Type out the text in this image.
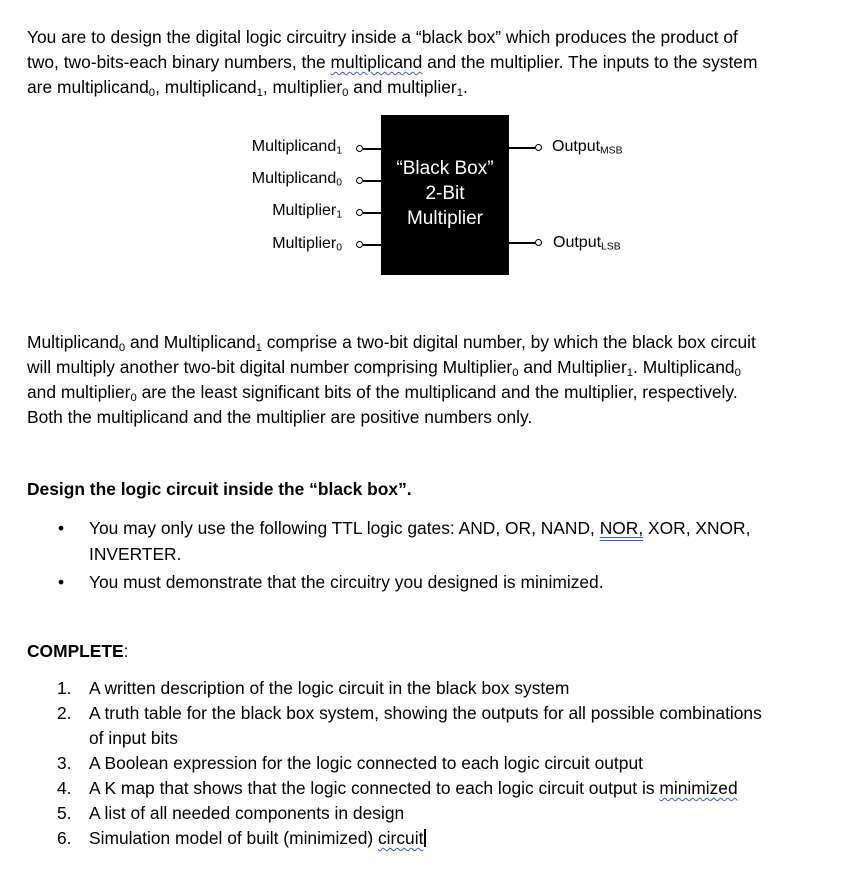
You are to design the digital logic circuitry inside a “black box” which produces the product of
two, two-bits-each binary numbers, the multiplicand and the multiplier. The inputs to the system
are multiplicand$_0$, multiplicand$_1$, multiplier$_0$ and multiplier$_1$.

Multiplicand$_1$
Multiplicand$_0$
Multiplier$_1$
Multiplier$_0$
“Black Box”
2-Bit
Multiplier
Output$_{MSB}$
Output$_{LSB}$

Multiplicand$_0$ and Multiplicand$_1$ comprise a two-bit digital number, by which the black box circuit
will multiply another two-bit digital number comprising Multiplier$_0$ and Multiplier$_1$. Multiplicand$_0$
and multiplier$_0$ are the least significant bits of the multiplicand and the multiplier, respectively.
Both the multiplicand and the multiplier are positive numbers only.

Design the logic circuit inside the “black box”.
• You may only use the following TTL logic gates: AND, OR, NAND, NOR, XOR, XNOR,
INVERTER.
• You must demonstrate that the circuitry you designed is minimized.
COMPLETE:
1. A written description of the logic circuit in the black box system
2. A truth table for the black box system, showing the outputs for all possible combinations
of input bits
3. A Boolean expression for the logic connected to each logic circuit output
4. A K map that shows that the logic connected to each logic circuit output is minimized
5. A list of all needed components in design
6. Simulation model of built (minimized) circuit
